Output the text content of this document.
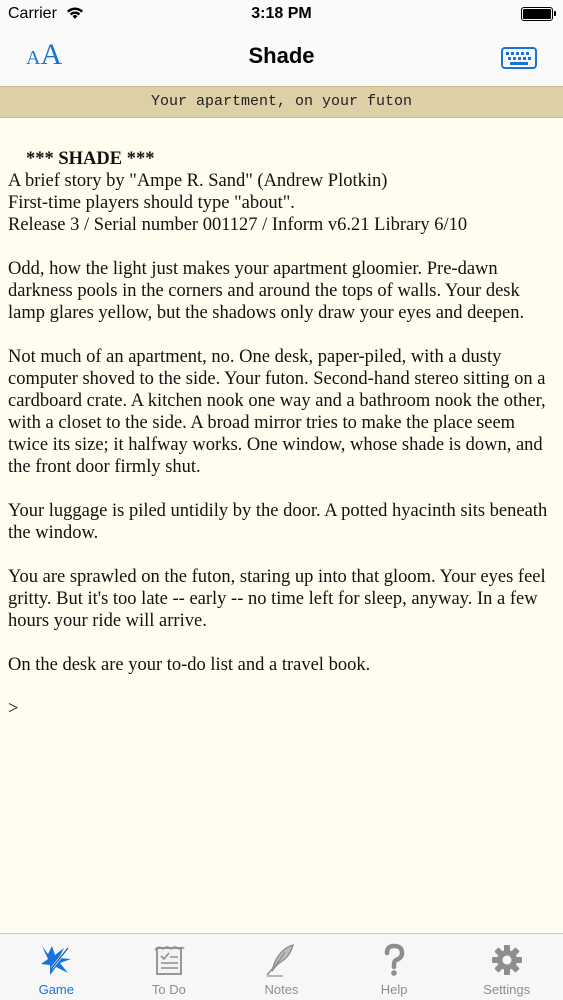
Carrier	3:18 PM
AA	Shade
Your apartment, on your futon
*** SHADE ***
A brief story by "Ampe R. Sand" (Andrew Plotkin)
First-time players should type "about".
Release 3 / Serial number 001127 / Inform v6.21 Library 6/10

Odd, how the light just makes your apartment gloomier. Pre-dawn darkness pools in the corners and around the tops of walls. Your desk lamp glares yellow, but the shadows only draw your eyes and deepen.

Not much of an apartment, no. One desk, paper-piled, with a dusty computer shoved to the side. Your futon. Second-hand stereo sitting on a cardboard crate. A kitchen nook one way and a bathroom nook the other, with a closet to the side. A broad mirror tries to make the place seem twice its size; it halfway works. One window, whose shade is down, and the front door firmly shut.

Your luggage is piled untidily by the door. A potted hyacinth sits beneath the window.

You are sprawled on the futon, staring up into that gloom. Your eyes feel gritty. But it's too late -- early -- no time left for sleep, anyway. In a few hours your ride will arrive.

On the desk are your to-do list and a travel book.

>
Game	To Do	Notes	Help	Settings
